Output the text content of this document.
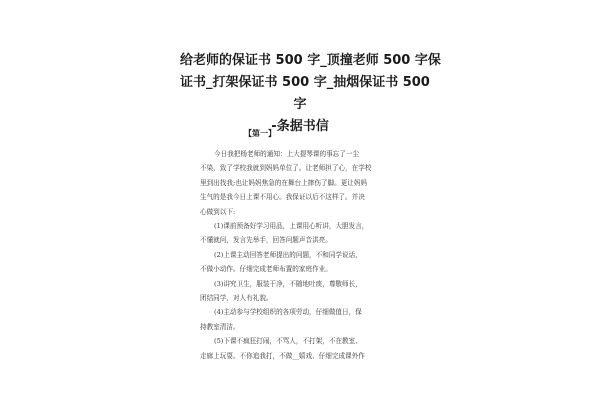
给老师的保证书 500 字_顶撞老师 500 字保
证书_打架保证书 500 字_抽烟保证书 500
字
-条据书信
【第一】
今日我把杨老师的通知：上大提琴课的事忘了一尘
不染，致了学校我就到妈妈单位了。让老师担了心，在学校
里到出找我;也让妈妈焦急的在舞台上摔伤了脚。更让妈妈
生气的是我今日上课不用心。我保证以后不这样了。并决
心做到以下:
(1)课前预备好学习用品，上课用心听讲，大胆发言，
不懂就问，发言先举手，回答问题声音洪亮。
(2)上课主动回答老师提出的问题，不和同学说话，
不做小动作。仔细完成老师布置的家庭作业。
(3)讲究卫生，服装干净，不随地吐痰，尊敬师长，
团结同学，对人有礼貌。
(4)主动参与学校组织的各项劳动，仔细做值日，保
持教室清洁。
(5)下课不疯狂打闹，不骂人，不打架，不在教室、
走廊上玩耍。不你追我打，不做__嬉戏、仔细完成课外作
